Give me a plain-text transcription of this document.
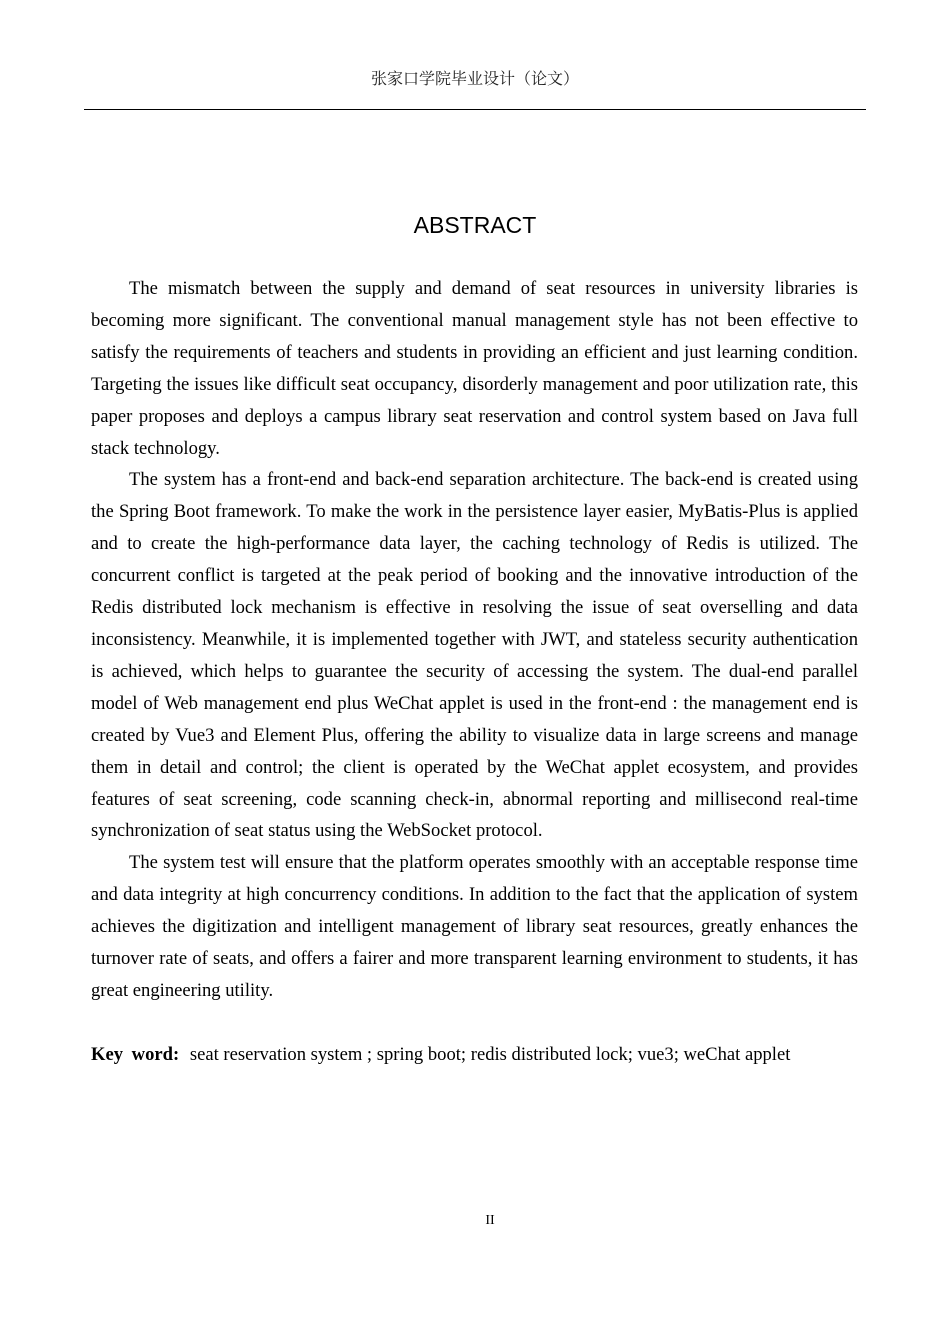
张家口学院毕业设计（论文）
ABSTRACT

The mismatch between the supply and demand of seat resources in university libraries is becoming more significant. The conventional manual management style has not been effective to satisfy the requirements of teachers and students in providing an efficient and just learning condition. Targeting the issues like difficult seat occupancy, disorderly management and poor utilization rate, this paper proposes and deploys a campus library seat reservation and control system based on Java full stack technology.

The system has a front-end and back-end separation architecture. The back-end is created using the Spring Boot framework. To make the work in the persistence layer easier, MyBatis-Plus is applied and to create the high-performance data layer, the caching technology of Redis is utilized. The concurrent conflict is targeted at the peak period of booking and the innovative introduction of the Redis distributed lock mechanism is effective in resolving the issue of seat overselling and data inconsistency. Meanwhile, it is implemented together with JWT, and stateless security authentication is achieved, which helps to guarantee the security of accessing the system. The dual-end parallel model of Web management end plus WeChat applet is used in the front-end : the management end is created by Vue3 and Element Plus, offering the ability to visualize data in large screens and manage them in detail and control; the client is operated by the WeChat applet ecosystem, and provides features of seat screening, code scanning check-in, abnormal reporting and millisecond real-time synchronization of seat status using the WebSocket protocol.

The system test will ensure that the platform operates smoothly with an acceptable response time and data integrity at high concurrency conditions. In addition to the fact that the application of system achieves the digitization and intelligent management of library seat resources, greatly enhances the turnover rate of seats, and offers a fairer and more transparent learning environment to students, it has great engineering utility.

Key word: seat reservation system ; spring boot; redis distributed lock; vue3; weChat applet
II
